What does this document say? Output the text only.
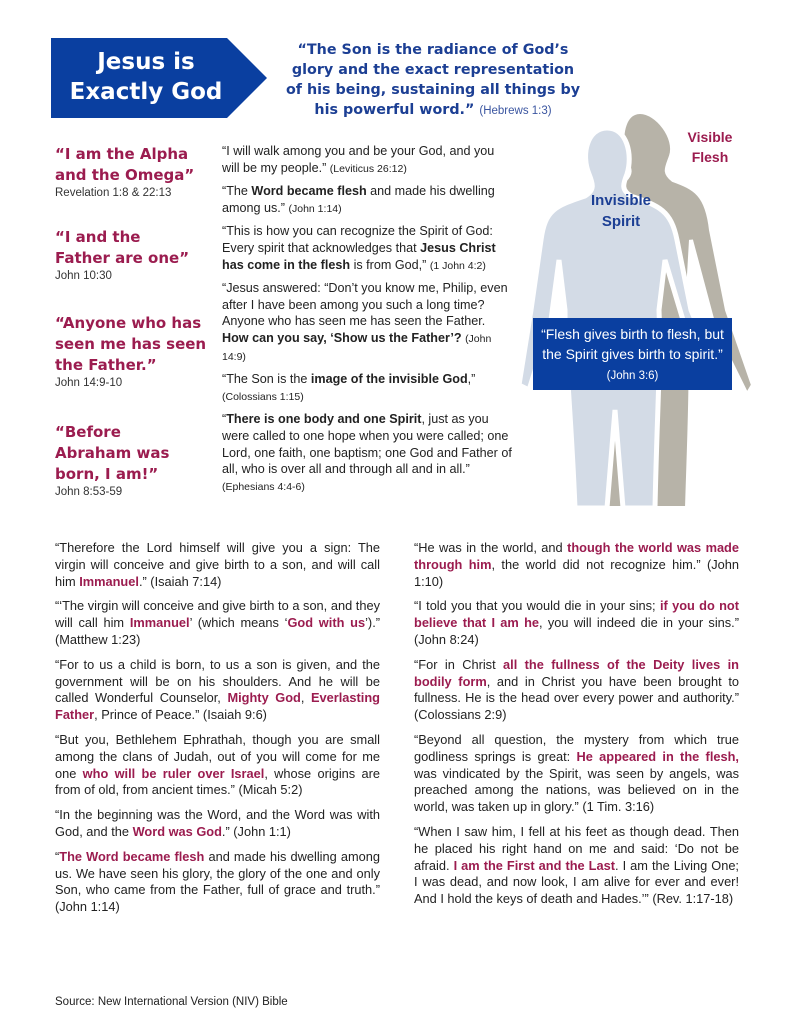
Jesus is
Exactly God
“The Son is the radiance of God’s glory and the exact representation of his being, sustaining all things by his powerful word.” (Hebrews 1:3)
“I am the Alpha and the Omega”
Revelation 1:8 & 22:13
“I and the Father are one”
John 10:30
“Anyone who has seen me has seen the Father.”
John 14:9-10
“Before Abraham was born, I am!”
John 8:53-59

“I will walk among you and be your God, and you will be my people.” (Leviticus 26:12)

“The Word became flesh and made his dwelling among us.” (John 1:14)

“This is how you can recognize the Spirit of God: Every spirit that acknowledges that Jesus Christ has come in the flesh is from God,” (1 John 4:2)

“Jesus answered: “Don’t you know me, Philip, even after I have been among you such a long time? Anyone who has seen me has seen the Father. How can you say, ‘Show us the Father’? (John 14:9)

“The Son is the image of the invisible God,” (Colossians 1:15)

“There is one body and one Spirit, just as you were called to one hope when you were called; one Lord, one faith, one baptism; one God and Father of all, who is over all and through all and in all.” (Ephesians 4:4-6)

Visible Flesh
Invisible Spirit
“Flesh gives birth to flesh, but the Spirit gives birth to spirit.” (John 3:6)

“Therefore the Lord himself will give you a sign: The virgin will conceive and give birth to a son, and will call him Immanuel.” (Isaiah 7:14)

“‘The virgin will conceive and give birth to a son, and they will call him Immanuel’ (which means ‘God with us’).” (Matthew 1:23)

“For to us a child is born, to us a son is given, and the government will be on his shoulders. And he will be called Wonderful Counselor, Mighty God, Everlasting Father, Prince of Peace.” (Isaiah 9:6)

“But you, Bethlehem Ephrathah, though you are small among the clans of Judah, out of you will come for me one who will be ruler over Israel, whose origins are from of old, from ancient times.” (Micah 5:2)

“In the beginning was the Word, and the Word was with God, and the Word was God.” (John 1:1)

“The Word became flesh and made his dwelling among us. We have seen his glory, the glory of the one and only Son, who came from the Father, full of grace and truth.” (John 1:14)

“He was in the world, and though the world was made through him, the world did not recognize him.” (John 1:10)

“I told you that you would die in your sins; if you do not believe that I am he, you will indeed die in your sins.” (John 8:24)

“For in Christ all the fullness of the Deity lives in bodily form, and in Christ you have been brought to fullness. He is the head over every power and authority.” (Colossians 2:9)

“Beyond all question, the mystery from which true godliness springs is great: He appeared in the flesh, was vindicated by the Spirit, was seen by angels, was preached among the nations, was believed on in the world, was taken up in glory.” (1 Tim. 3:16)

“When I saw him, I fell at his feet as though dead. Then he placed his right hand on me and said: ‘Do not be afraid. I am the First and the Last. I am the Living One; I was dead, and now look, I am alive for ever and ever! And I hold the keys of death and Hades.’” (Rev. 1:17-18)

Source: New International Version (NIV) Bible
